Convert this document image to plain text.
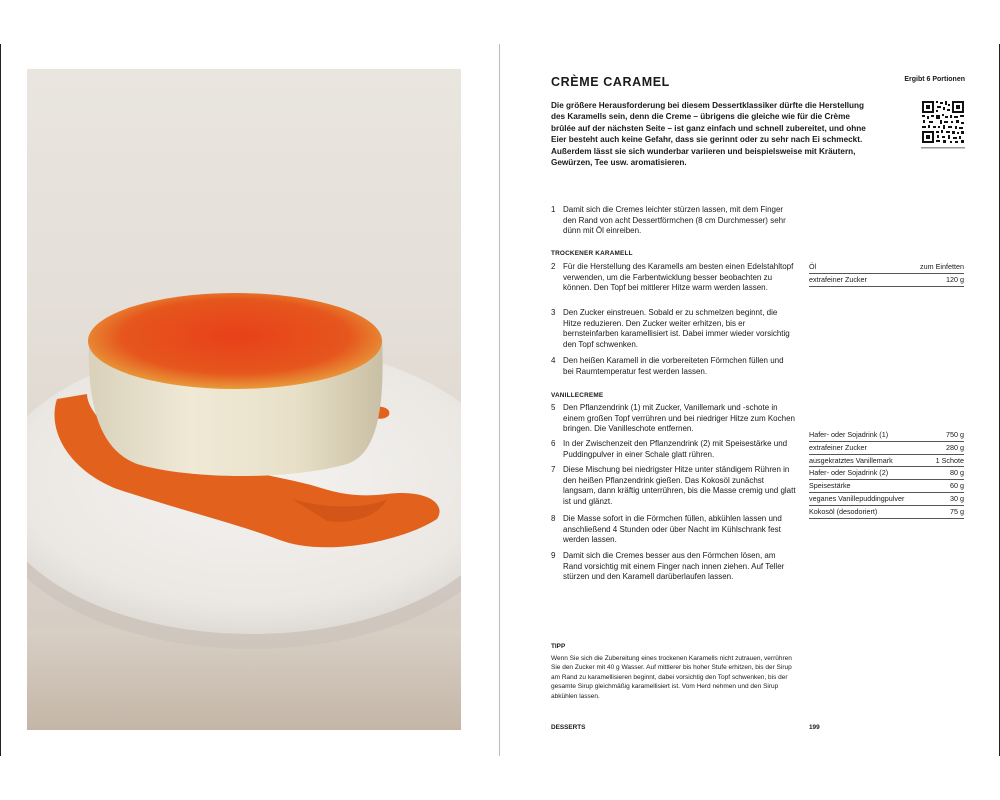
CRÈME CARAMEL	Ergibt 6 Portionen
Die größere Herausforderung bei diesem Dessertklassiker dürfte die Herstellung des Karamells sein, denn die Creme – übrigens die gleiche wie für die Crème brûlée auf der nächsten Seite – ist ganz einfach und schnell zubereitet, und ohne Eier besteht auch keine Gefahr, dass sie gerinnt oder zu sehr nach Ei schmeckt. Außerdem lässt sie sich wunderbar variieren und beispielsweise mit Kräutern, Gewürzen, Tee usw. aromatisieren.
1 Damit sich die Cremes leichter stürzen lassen, mit dem Finger den Rand von acht Dessertförmchen (8 cm Durchmesser) sehr dünn mit Öl einreiben.
TROCKENER KARAMELL
2 Für die Herstellung des Karamells am besten einen Edelstahltopf verwenden, um die Farbentwicklung besser beobachten zu können. Den Topf bei mittlerer Hitze warm werden lassen.
3 Den Zucker einstreuen. Sobald er zu schmelzen beginnt, die Hitze reduzieren. Den Zucker weiter erhitzen, bis er bernsteinfarben karamellisiert ist. Dabei immer wieder vorsichtig den Topf schwenken.
4 Den heißen Karamell in die vorbereiteten Förmchen füllen und bei Raumtemperatur fest werden lassen.
Öl	zum Einfetten
extrafeiner Zucker	120 g
VANILLECREME
5 Den Pflanzendrink (1) mit Zucker, Vanillemark und -schote in einem großen Topf verrühren und bei niedriger Hitze zum Kochen bringen. Die Vanilleschote entfernen.
6 In der Zwischenzeit den Pflanzendrink (2) mit Speisestärke und Puddingpulver in einer Schale glatt rühren.
7 Diese Mischung bei niedrigster Hitze unter ständigem Rühren in den heißen Pflanzendrink gießen. Das Kokosöl zunächst langsam, dann kräftig unterrühren, bis die Masse cremig und glatt ist und glänzt.
8 Die Masse sofort in die Förmchen füllen, abkühlen lassen und anschließend 4 Stunden oder über Nacht im Kühlschrank fest werden lassen.
9 Damit sich die Cremes besser aus den Förmchen lösen, am Rand vorsichtig mit einem Finger nach innen ziehen. Auf Teller stürzen und den Karamell darüberlaufen lassen.
Hafer- oder Sojadrink (1)	750 g
extrafeiner Zucker	280 g
ausgekratztes Vanillemark	1 Schote
Hafer- oder Sojadrink (2)	80 g
Speisestärke	60 g
veganes Vanillepuddingpulver	30 g
Kokosöl (desodoriert)	75 g
TIPP
Wenn Sie sich die Zubereitung eines trockenen Karamells nicht zutrauen, verrühren Sie den Zucker mit 40 g Wasser. Auf mittlerer bis hoher Stufe erhitzen, bis der Sirup am Rand zu karamellisieren beginnt, dabei vorsichtig den Topf schwenken, bis der gesamte Sirup gleichmäßig karamellisiert ist. Vom Herd nehmen und den Sirup abkühlen lassen.
DESSERTS	199
